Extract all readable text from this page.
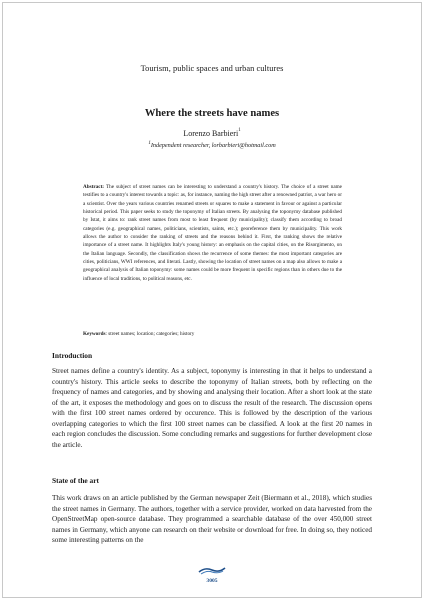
Tourism, public spaces and urban cultures
Where the streets have names
Lorenzo Barbieri$^1$
$^1$Independent researcher, lorbarbieri@hotmail.com
Abstract: The subject of street names can be interesting to understand a country's history. The choice of a street name testifies to a country's interest towards a topic: as, for instance, naming the high street after a renowned patriot, a war hero or a scientist. Over the years various countries renamed streets or squares to make a statement in favour or against a particular historical period. This paper seeks to study the toponymy of Italian streets. By analysing the toponymy database published by Istat, it aims to: rank street names from most to least frequent (by municipality); classify them according to broad categories (e.g. geographical names, politicians, scientists, saints, etc.); georeference them by municipality. This work allows the author to consider the ranking of streets and the reasons behind it. First, the ranking shows the relative importance of a street name. It highlights Italy's young history: an emphasis on the capital cities, on the Risorgimento, on the Italian language. Secondly, the classification shows the recurrence of some themes: the most important categories are cities, politicians, WWI references, and literati. Lastly, showing the location of street names on a map also allows to make a geographical analysis of Italian toponymy: some names could be more frequent in specific regions than in others due to the influence of local traditions, to political reasons, etc.
Keywords: street names; location; categories; history
Introduction
Street names define a country's identity. As a subject, toponymy is interesting in that it helps to understand a country's history. This article seeks to describe the toponymy of Italian streets, both by reflecting on the frequency of names and categories, and by showing and analysing their location. After a short look at the state of the art, it exposes the methodology and goes on to discuss the result of the research. The discussion opens with the first 100 street names ordered by occurence. This is followed by the description of the various overlapping categories to which the first 100 street names can be classified. A look at the first 20 names in each region concludes the discussion. Some concluding remarks and suggestions for further development close the article.
State of the art
This work draws on an article published by the German newspaper Zeit (Biermann et al., 2018), which studies the street names in Germany. The authors, together with a service provider, worked on data harvested from the OpenStreetMap open-source database. They programmed a searchable database of the over 450,000 street names in Germany, which anyone can research on their website or download for free. In doing so, they noticed some interesting patterns on the
3005
